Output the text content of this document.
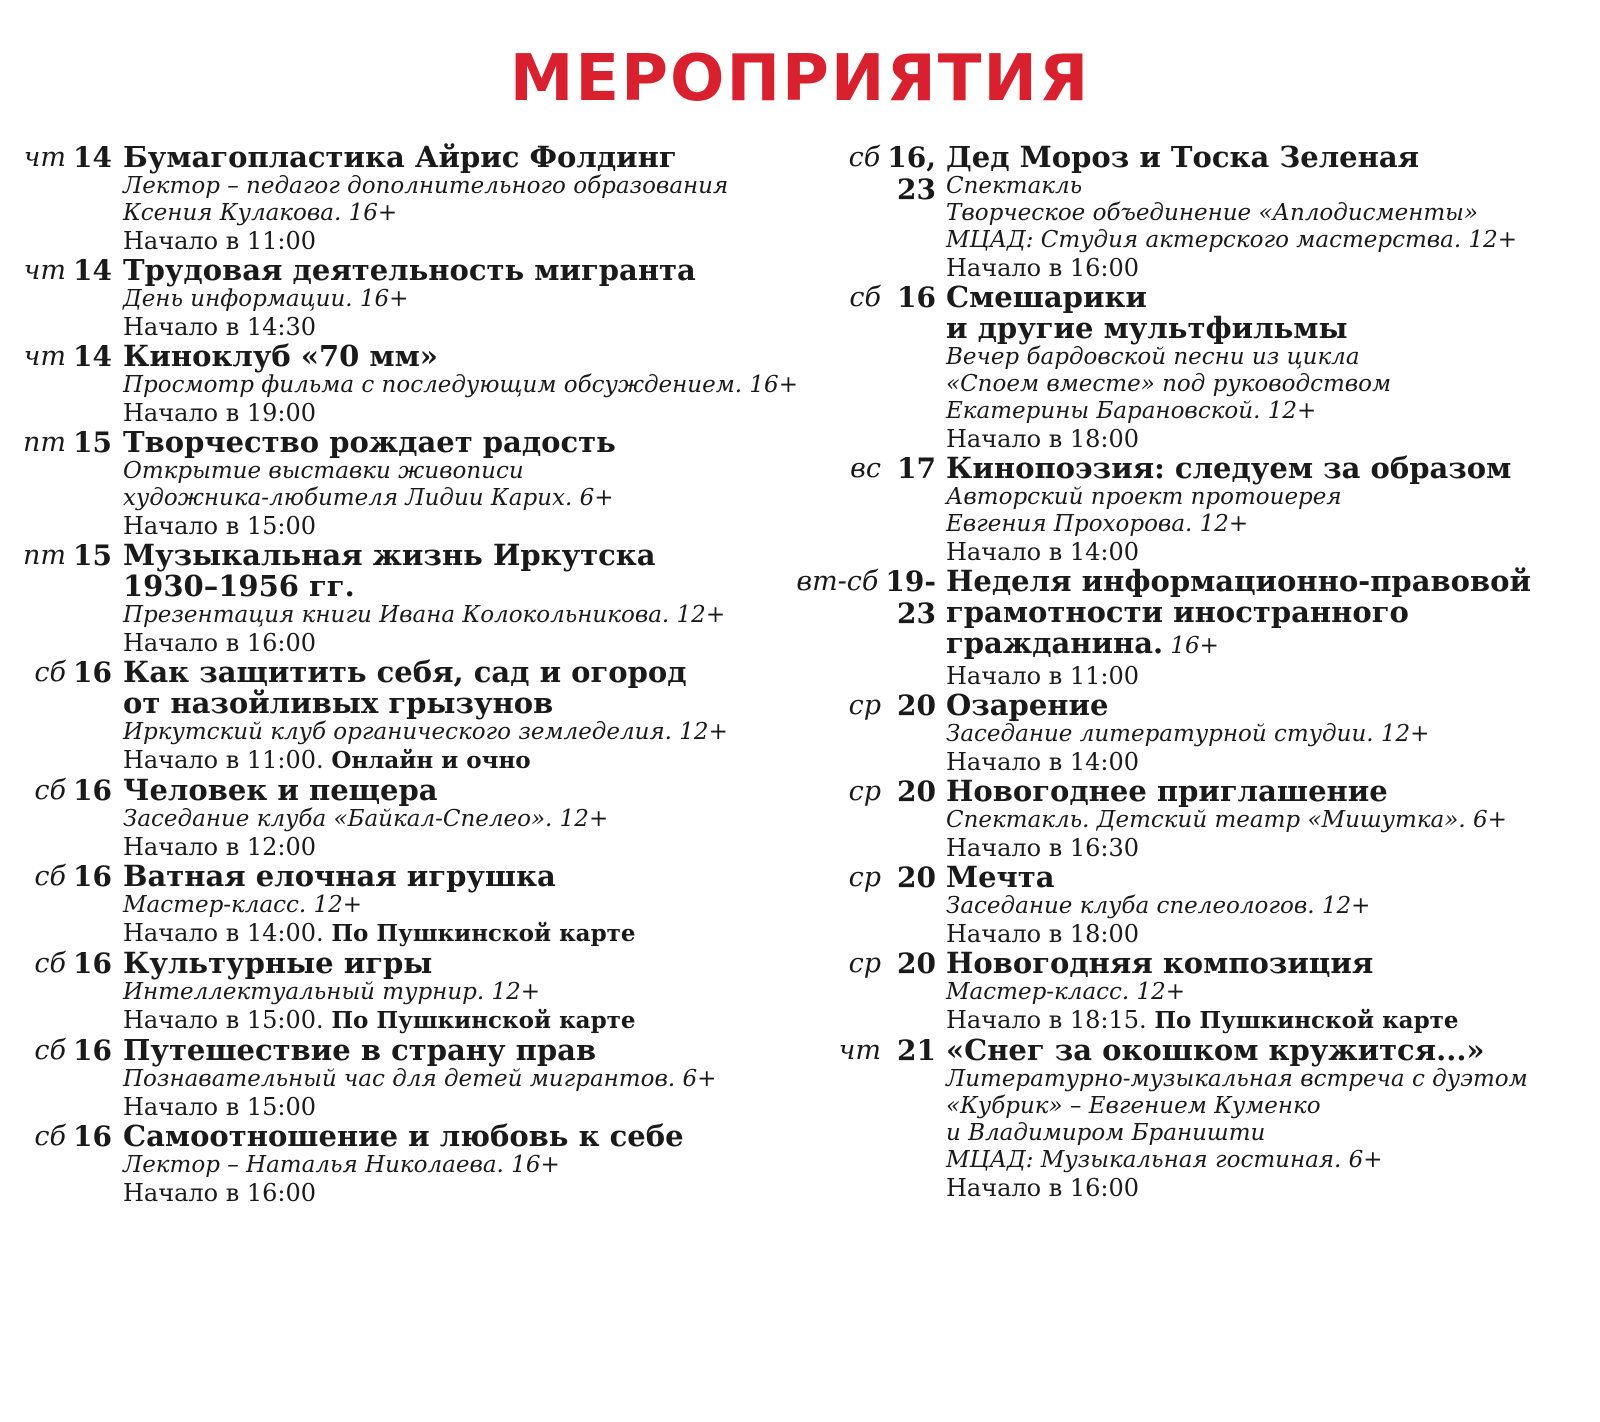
МЕРОПРИЯТИЯ
чт 14 Бумагопластика Айрис Фолдинг
Лектор – педагог дополнительного образования
Ксения Кулакова. 16+
Начало в 11:00
чт 14 Трудовая деятельность мигранта
День информации. 16+
Начало в 14:30
чт 14 Киноклуб «70 мм»
Просмотр фильма с последующим обсуждением. 16+
Начало в 19:00
пт 15 Творчество рождает радость
Открытие выставки живописи
художника-любителя Лидии Карих. 6+
Начало в 15:00
пт 15 Музыкальная жизнь Иркутска
1930–1956 гг.
Презентация книги Ивана Колокольникова. 12+
Начало в 16:00
сб 16 Как защитить себя, сад и огород
от назойливых грызунов
Иркутский клуб органического земледелия. 12+
Начало в 11:00. Онлайн и очно
сб 16 Человек и пещера
Заседание клуба «Байкал-Спелео». 12+
Начало в 12:00
сб 16 Ватная елочная игрушка
Мастер-класс. 12+
Начало в 14:00. По Пушкинской карте
сб 16 Культурные игры
Интеллектуальный турнир. 12+
Начало в 15:00. По Пушкинской карте
сб 16 Путешествие в страну прав
Познавательный час для детей мигрантов. 6+
Начало в 15:00
сб 16 Самоотношение и любовь к себе
Лектор – Наталья Николаева. 16+
Начало в 16:00
сб 16,
23
Дед Мороз и Тоска Зеленая
Спектакль
Творческое объединение «Аплодисменты»
МЦАД: Студия актерского мастерства. 12+
Начало в 16:00
сб 16 Смешарики
и другие мультфильмы
Вечер бардовской песни из цикла
«Споем вместе» под руководством
Екатерины Барановской. 12+
Начало в 18:00
вс 17 Кинопоэзия: следуем за образом
Авторский проект протоиерея
Евгения Прохорова. 12+
Начало в 14:00
вт-сб 19-
23
Неделя информационно-правовой
грамотности иностранного
гражданина. 16+
Начало в 11:00
ср 20 Озарение
Заседание литературной студии. 12+
Начало в 14:00
ср 20 Новогоднее приглашение
Спектакль. Детский театр «Мишутка». 6+
Начало в 16:30
ср 20 Мечта
Заседание клуба спелеологов. 12+
Начало в 18:00
ср 20 Новогодняя композиция
Мастер-класс. 12+
Начало в 18:15. По Пушкинской карте
чт 21 «Снег за окошком кружится...»
Литературно-музыкальная встреча с дуэтом
«Кубрик» – Евгением Куменко
и Владимиром Браништи
МЦАД: Музыкальная гостиная. 6+
Начало в 16:00
